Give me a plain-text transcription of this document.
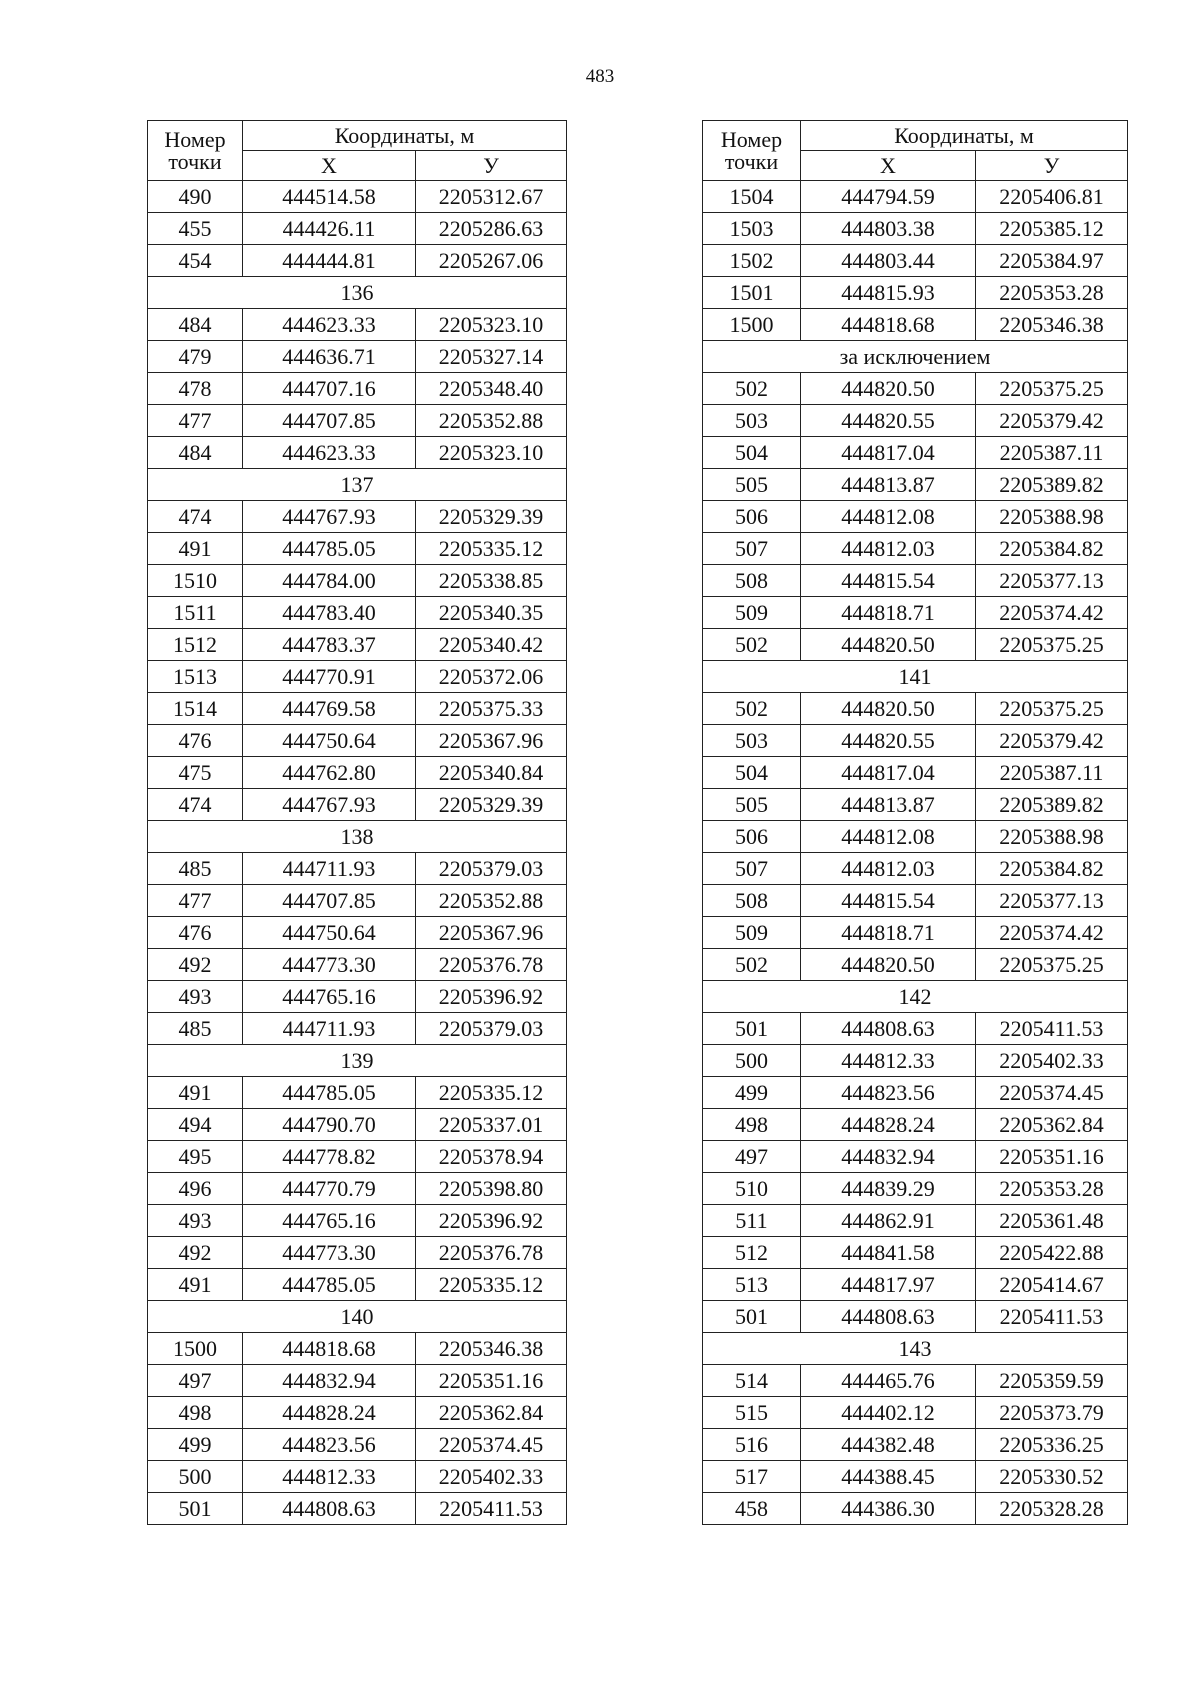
483
Номер точки	Координаты, м	
	X	У
490	444514.58	2205312.67
455	444426.11	2205286.63
454	444444.81	2205267.06
136		
484	444623.33	2205323.10
479	444636.71	2205327.14
478	444707.16	2205348.40
477	444707.85	2205352.88
484	444623.33	2205323.10
137		
474	444767.93	2205329.39
491	444785.05	2205335.12
1510	444784.00	2205338.85
1511	444783.40	2205340.35
1512	444783.37	2205340.42
1513	444770.91	2205372.06
1514	444769.58	2205375.33
476	444750.64	2205367.96
475	444762.80	2205340.84
474	444767.93	2205329.39
138		
485	444711.93	2205379.03
477	444707.85	2205352.88
476	444750.64	2205367.96
492	444773.30	2205376.78
493	444765.16	2205396.92
485	444711.93	2205379.03
139		
491	444785.05	2205335.12
494	444790.70	2205337.01
495	444778.82	2205378.94
496	444770.79	2205398.80
493	444765.16	2205396.92
492	444773.30	2205376.78
491	444785.05	2205335.12
140		
1500	444818.68	2205346.38
497	444832.94	2205351.16
498	444828.24	2205362.84
499	444823.56	2205374.45
500	444812.33	2205402.33
501	444808.63	2205411.53
Номер точки	Координаты, м	
	X	У
1504	444794.59	2205406.81
1503	444803.38	2205385.12
1502	444803.44	2205384.97
1501	444815.93	2205353.28
1500	444818.68	2205346.38
за исключением		
502	444820.50	2205375.25
503	444820.55	2205379.42
504	444817.04	2205387.11
505	444813.87	2205389.82
506	444812.08	2205388.98
507	444812.03	2205384.82
508	444815.54	2205377.13
509	444818.71	2205374.42
502	444820.50	2205375.25
141		
502	444820.50	2205375.25
503	444820.55	2205379.42
504	444817.04	2205387.11
505	444813.87	2205389.82
506	444812.08	2205388.98
507	444812.03	2205384.82
508	444815.54	2205377.13
509	444818.71	2205374.42
502	444820.50	2205375.25
142		
501	444808.63	2205411.53
500	444812.33	2205402.33
499	444823.56	2205374.45
498	444828.24	2205362.84
497	444832.94	2205351.16
510	444839.29	2205353.28
511	444862.91	2205361.48
512	444841.58	2205422.88
513	444817.97	2205414.67
501	444808.63	2205411.53
143		
514	444465.76	2205359.59
515	444402.12	2205373.79
516	444382.48	2205336.25
517	444388.45	2205330.52
458	444386.30	2205328.28
